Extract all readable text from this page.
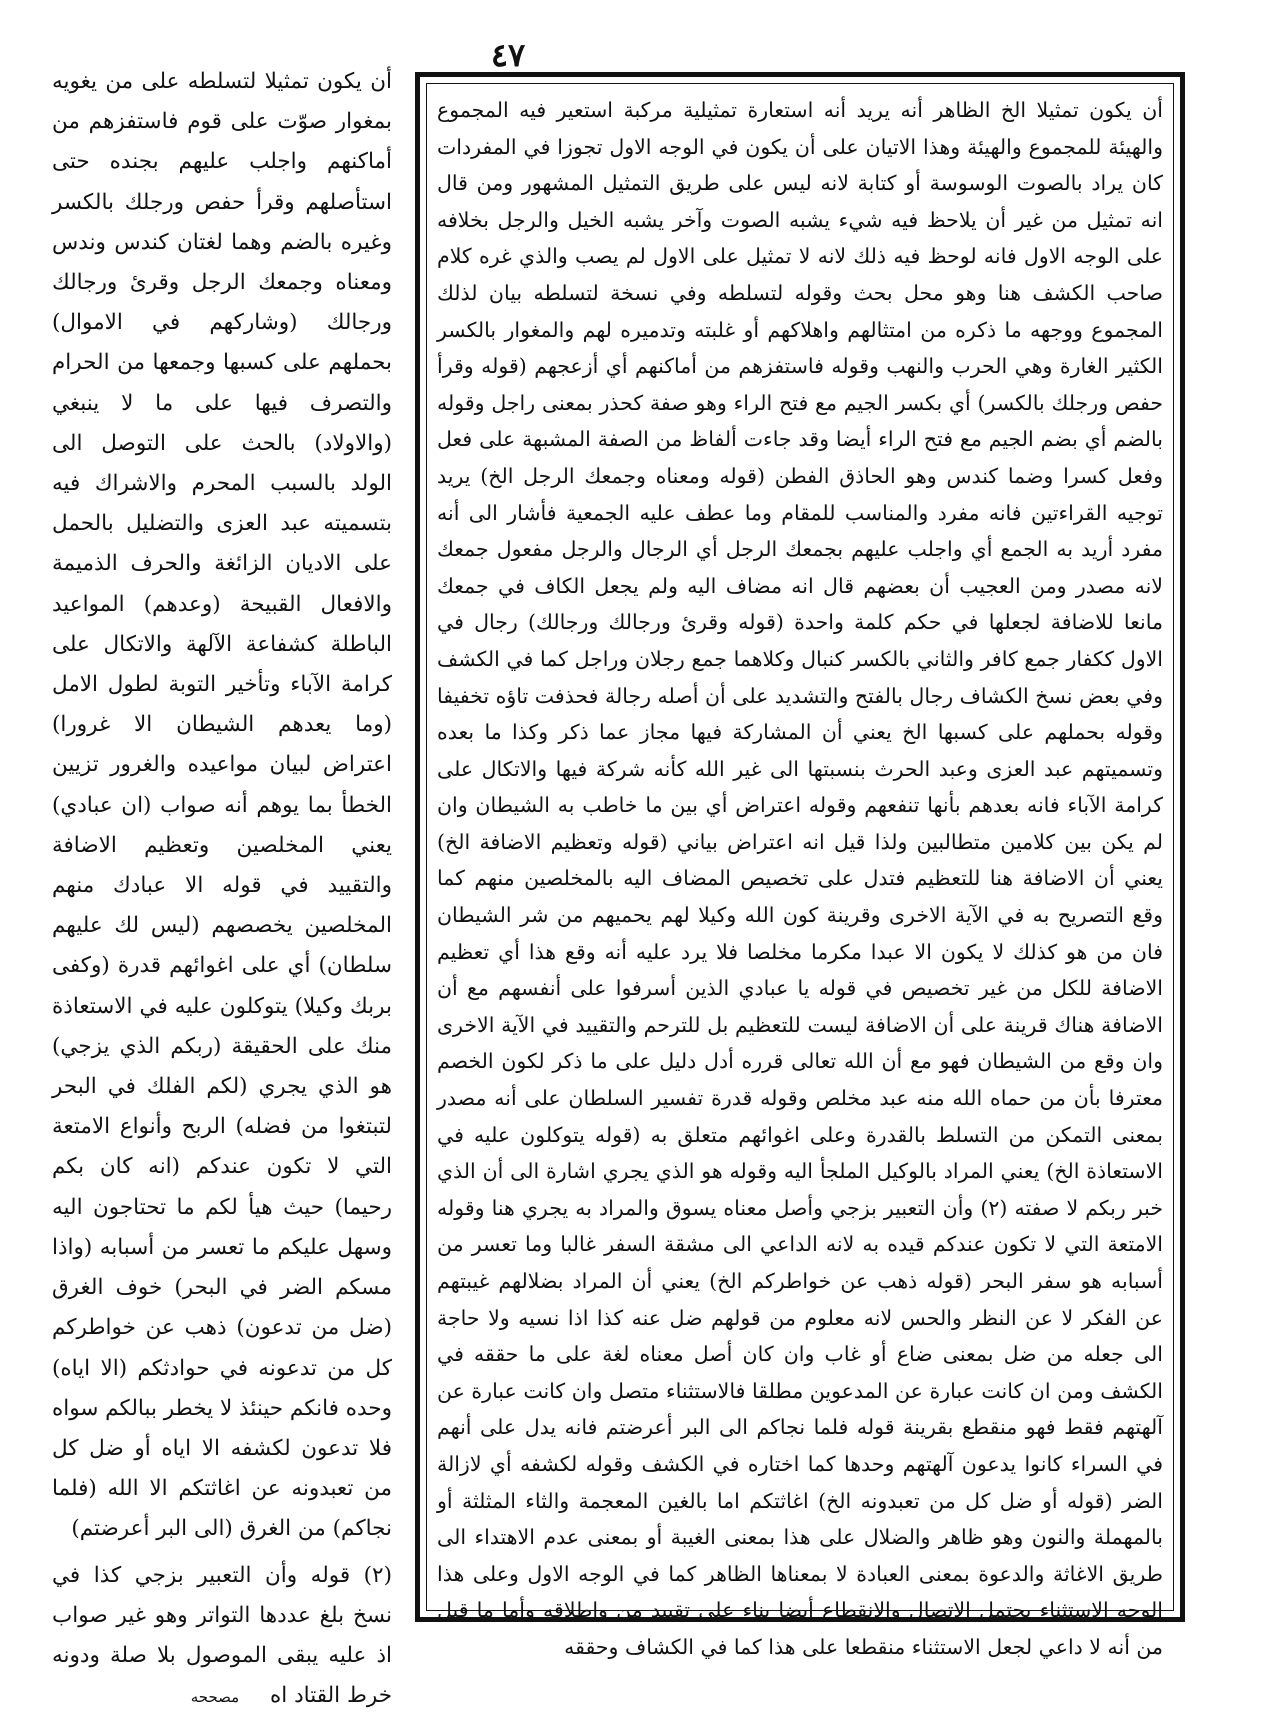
٤٧

أن يكون تمثيلا لتسلطه على من يغويه بمغوار صوّت على قوم فاستفزهم من أماكنهم واجلب عليهم بجنده حتى استأصلهم وقرأ حفص ورجلك بالكسر وغيره بالضم وهما لغتان كندس وندس ومعناه وجمعك الرجل وقرئ ورجالك ورجالك (وشاركهم في الاموال) بحملهم على كسبها وجمعها من الحرام والتصرف فيها على ما لا ينبغي (والاولاد) بالحث على التوصل الى الولد بالسبب المحرم والاشراك فيه بتسميته عبد العزى والتضليل بالحمل على الاديان الزائغة والحرف الذميمة والافعال القبيحة (وعدهم) المواعيد الباطلة كشفاعة الآلهة والاتكال على كرامة الآباء وتأخير التوبة لطول الامل (وما يعدهم الشيطان الا غرورا) اعتراض لبيان مواعيده والغرور تزيين الخطأ بما يوهم أنه صواب (ان عبادي) يعني المخلصين وتعظيم الاضافة والتقييد في قوله الا عبادك منهم المخلصين يخصصهم (ليس لك عليهم سلطان) أي على اغوائهم قدرة (وكفى بربك وكيلا) يتوكلون عليه في الاستعاذة منك على الحقيقة (ربكم الذي يزجي) هو الذي يجري (لكم الفلك في البحر لتبتغوا من فضله) الربح وأنواع الامتعة التي لا تكون عندكم (انه كان بكم رحيما) حيث هيأ لكم ما تحتاجون اليه وسهل عليكم ما تعسر من أسبابه (واذا مسكم الضر في البحر) خوف الغرق (ضل من تدعون) ذهب عن خواطركم كل من تدعونه في حوادثكم (الا اياه) وحده فانكم حينئذ لا يخطر ببالكم سواه فلا تدعون لكشفه الا اياه أو ضل كل من تعبدونه عن اغاثتكم الا الله (فلما نجاكم) من الغرق (الى البر أعرضتم)

(٢) قوله وأن التعبير بزجي كذا في نسخ بلغ عددها التواتر وهو غير صواب اذ عليه يبقى الموصول بلا صلة ودونه خرط القتاد اه مصححه

أن يكون تمثيلا الخ الظاهر أنه يريد أنه استعارة تمثيلية مركبة استعير فيه المجموع والهيئة للمجموع والهيئة وهذا الاتيان على أن يكون في الوجه الاول تجوزا في المفردات كان يراد بالصوت الوسوسة أو كتابة لانه ليس على طريق التمثيل المشهور ومن قال انه تمثيل من غير أن يلاحظ فيه شيء يشبه الصوت وآخر يشبه الخيل والرجل بخلافه على الوجه الاول فانه لوحظ فيه ذلك لانه لا تمثيل على الاول لم يصب والذي غره كلام صاحب الكشف هنا وهو محل بحث وقوله لتسلطه وفي نسخة لتسلطه بيان لذلك المجموع ووجهه ما ذكره من امتثالهم واهلاكهم أو غلبته وتدميره لهم والمغوار بالكسر الكثير الغارة وهي الحرب والنهب وقوله فاستفزهم من أماكنهم أي أزعجهم (قوله وقرأ حفص ورجلك بالكسر) أي بكسر الجيم مع فتح الراء وهو صفة كحذر بمعنى راجل وقوله بالضم أي بضم الجيم مع فتح الراء أيضا وقد جاءت ألفاظ من الصفة المشبهة على فعل وفعل كسرا وضما كندس وهو الحاذق الفطن (قوله ومعناه وجمعك الرجل الخ) يريد توجيه القراءتين فانه مفرد والمناسب للمقام وما عطف عليه الجمعية فأشار الى أنه مفرد أريد به الجمع أي واجلب عليهم بجمعك الرجل أي الرجال والرجل مفعول جمعك لانه مصدر ومن العجيب أن بعضهم قال انه مضاف اليه ولم يجعل الكاف في جمعك مانعا للاضافة لجعلها في حكم كلمة واحدة (قوله وقرئ ورجالك ورجالك) رجال في الاول ككفار جمع كافر والثاني بالكسر كنبال وكلاهما جمع رجلان وراجل كما في الكشف وفي بعض نسخ الكشاف رجال بالفتح والتشديد على أن أصله رجالة فحذفت تاؤه تخفيفا وقوله بحملهم على كسبها الخ يعني أن المشاركة فيها مجاز عما ذكر وكذا ما بعده وتسميتهم عبد العزى وعبد الحرث بنسبتها الى غير الله كأنه شركة فيها والاتكال على كرامة الآباء فانه بعدهم بأنها تنفعهم وقوله اعتراض أي بين ما خاطب به الشيطان وان لم يكن بين كلامين متطالبين ولذا قيل انه اعتراض بياني (قوله وتعظيم الاضافة الخ) يعني أن الاضافة هنا للتعظيم فتدل على تخصيص المضاف اليه بالمخلصين منهم كما وقع التصريح به في الآية الاخرى وقرينة كون الله وكيلا لهم يحميهم من شر الشيطان فان من هو كذلك لا يكون الا عبدا مكرما مخلصا فلا يرد عليه أنه وقع هذا أي تعظيم الاضافة للكل من غير تخصيص في قوله يا عبادي الذين أسرفوا على أنفسهم مع أن الاضافة هناك قرينة على أن الاضافة ليست للتعظيم بل للترحم والتقييد في الآية الاخرى وان وقع من الشيطان فهو مع أن الله تعالى قرره أدل دليل على ما ذكر لكون الخصم معترفا بأن من حماه الله منه عبد مخلص وقوله قدرة تفسير السلطان على أنه مصدر بمعنى التمكن من التسلط بالقدرة وعلى اغوائهم متعلق به (قوله يتوكلون عليه في الاستعاذة الخ) يعني المراد بالوكيل الملجأ اليه وقوله هو الذي يجري اشارة الى أن الذي خبر ربكم لا صفته (٢) وأن التعبير بزجي وأصل معناه يسوق والمراد به يجري هنا وقوله الامتعة التي لا تكون عندكم قيده به لانه الداعي الى مشقة السفر غالبا وما تعسر من أسبابه هو سفر البحر (قوله ذهب عن خواطركم الخ) يعني أن المراد بضلالهم غيبتهم عن الفكر لا عن النظر والحس لانه معلوم من قولهم ضل عنه كذا اذا نسيه ولا حاجة الى جعله من ضل بمعنى ضاع أو غاب وان كان أصل معناه لغة على ما حققه في الكشف ومن ان كانت عبارة عن المدعوين مطلقا فالاستثناء متصل وان كانت عبارة عن آلهتهم فقط فهو منقطع بقرينة قوله فلما نجاكم الى البر أعرضتم فانه يدل على أنهم في السراء كانوا يدعون آلهتهم وحدها كما اختاره في الكشف وقوله لكشفه أي لازالة الضر (قوله أو ضل كل من تعبدونه الخ) اغاثتكم اما بالغين المعجمة والثاء المثلثة أو بالمهملة والنون وهو ظاهر والضلال على هذا بمعنى الغيبة أو بمعنى عدم الاهتداء الى طريق الاغاثة والدعوة بمعنى العبادة لا بمعناها الظاهر كما في الوجه الاول وعلى هذا الوجه الاستثناء يحتمل الاتصال والانقطاع أيضا بناء على تقييد من واطلاقه وأما ما قيل من أنه لا داعي لجعل الاستثناء منقطعا على هذا كما في الكشاف وحققه
